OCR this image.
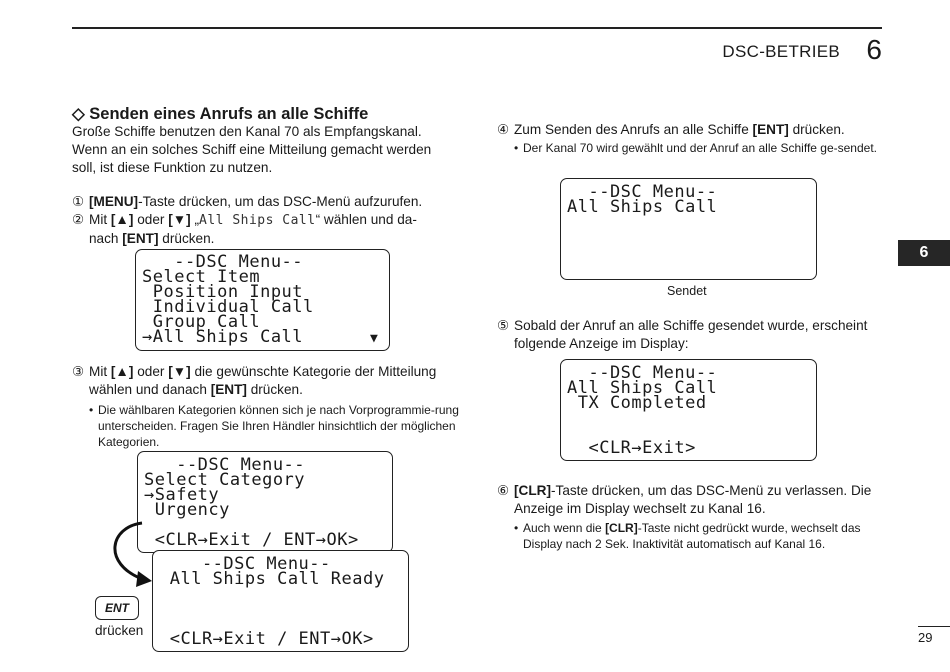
DSC-BETRIEB 6
6
29
◇ Senden eines Anrufs an alle Schiffe
Große Schiffe benutzen den Kanal 70 als Empfangskanal. Wenn an ein solches Schiff eine Mitteilung gemacht werden soll, ist diese Funktion zu nutzen.
① [MENU]-Taste drücken, um das DSC-Menü aufzurufen.
② Mit [▲] oder [▼] „All Ships Call“ wählen und da-
nach [ENT] drücken.
--DSC Menu--
Select Item
Position Input
Individual Call
Group Call
→All Ships Call	▼
③ Mit [▲] oder [▼] die gewünschte Kategorie der Mitteilung
wählen und danach [ENT] drücken.
• Die wählbaren Kategorien können sich je nach Vorprogrammie-rung unterscheiden. Fragen Sie Ihren Händler hinsichtlich der möglichen Kategorien.
--DSC Menu--
Select Category
→Safety
Urgency
<CLR→Exit / ENT→OK>
--DSC Menu--
All Ships Call Ready
<CLR→Exit / ENT→OK>
ENT
drücken
④ Zum Senden des Anrufs an alle Schiffe [ENT] drücken.
• Der Kanal 70 wird gewählt und der Anruf an alle Schiffe ge-sendet.
--DSC Menu--
All Ships Call
Sendet
⑤ Sobald der Anruf an alle Schiffe gesendet wurde, erscheint folgende Anzeige im Display:
--DSC Menu--
All Ships Call
TX Completed
<CLR→Exit>
⑥ [CLR]-Taste drücken, um das DSC-Menü zu verlassen. Die Anzeige im Display wechselt zu Kanal 16.
• Auch wenn die [CLR]-Taste nicht gedrückt wurde, wechselt das Display nach 2 Sek. Inaktivität automatisch auf Kanal 16.
